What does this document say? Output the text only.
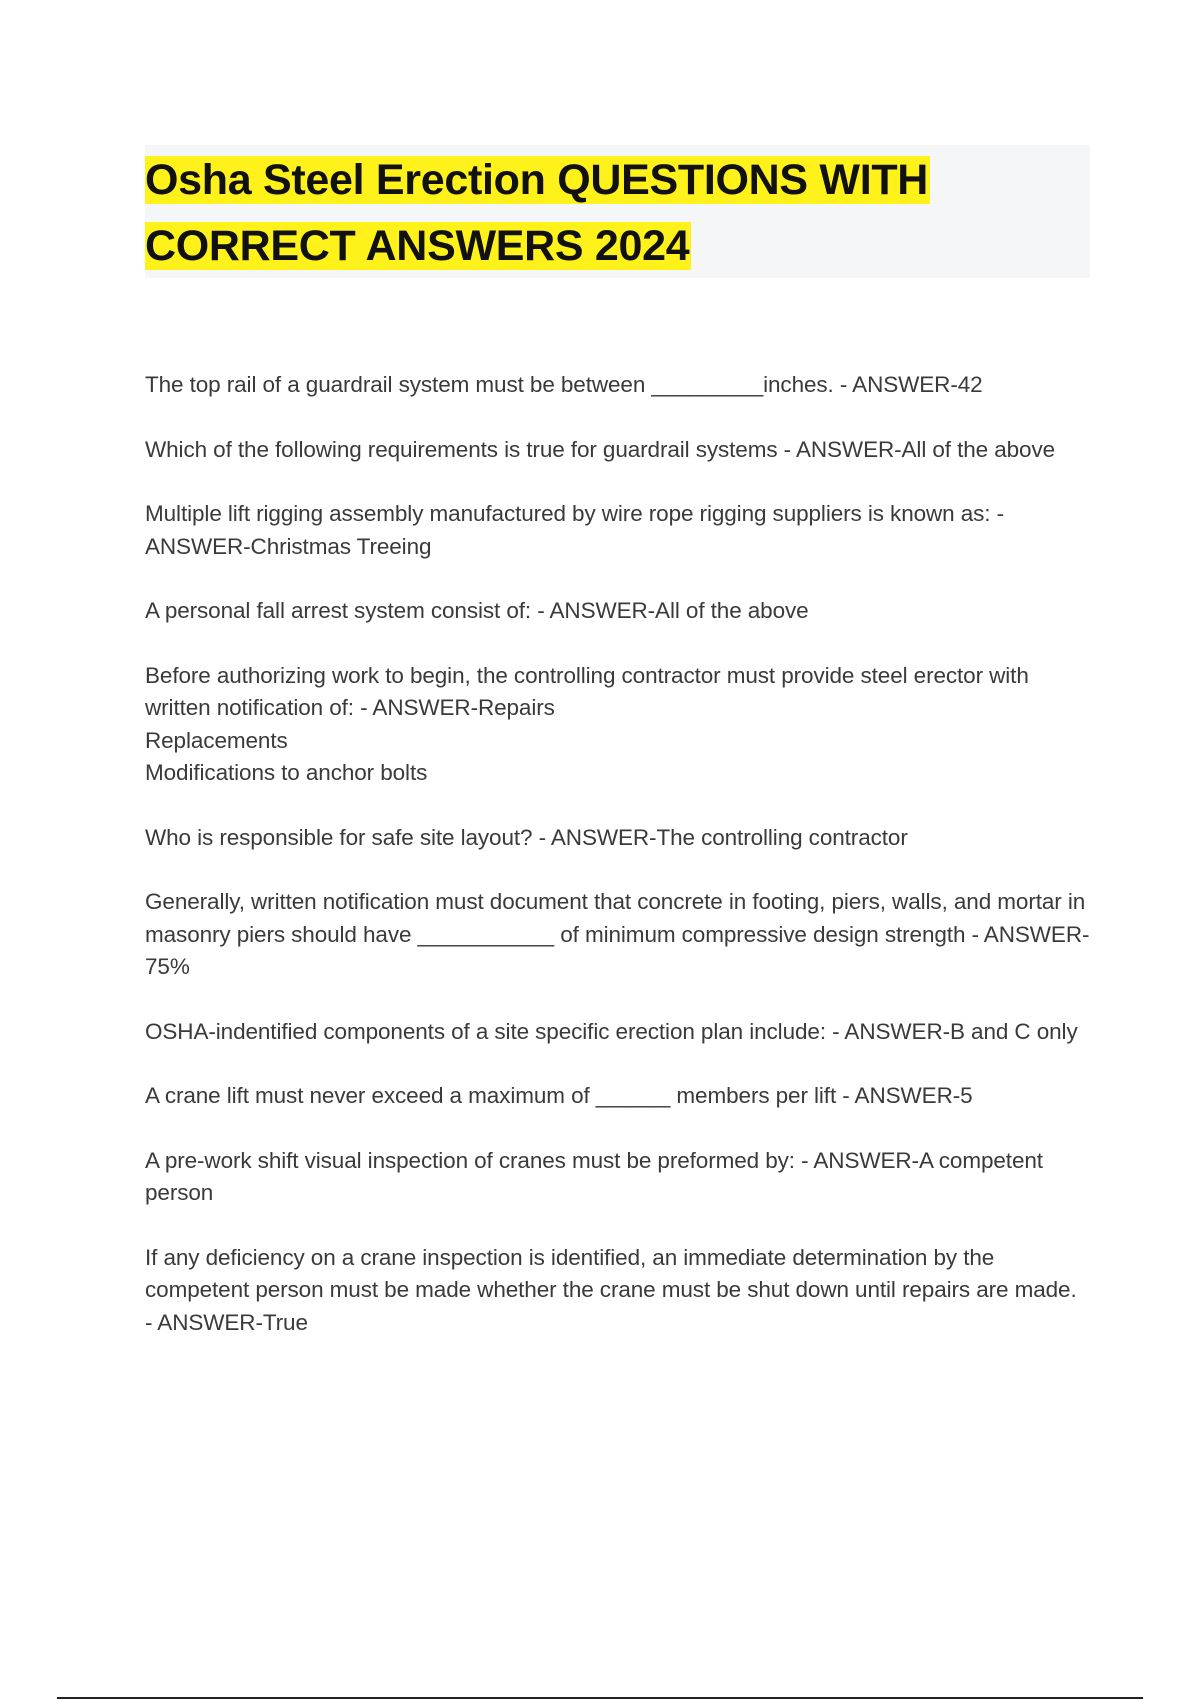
Osha Steel Erection QUESTIONS WITH
CORRECT ANSWERS 2024

The top rail of a guardrail system must be between _________inches. - ANSWER-42

Which of the following requirements is true for guardrail systems - ANSWER-All of the above

Multiple lift rigging assembly manufactured by wire rope rigging suppliers is known as: - ANSWER-Christmas Treeing

A personal fall arrest system consist of: - ANSWER-All of the above

Before authorizing work to begin, the controlling contractor must provide steel erector with written notification of: - ANSWER-Repairs
Replacements
Modifications to anchor bolts

Who is responsible for safe site layout? - ANSWER-The controlling contractor

Generally, written notification must document that concrete in footing, piers, walls, and mortar in masonry piers should have ___________ of minimum compressive design strength - ANSWER-75%

OSHA-indentified components of a site specific erection plan include: - ANSWER-B and C only

A crane lift must never exceed a maximum of ______ members per lift - ANSWER-5

A pre-work shift visual inspection of cranes must be preformed by: - ANSWER-A competent person

If any deficiency on a crane inspection is identified, an immediate determination by the competent person must be made whether the crane must be shut down until repairs are made. - ANSWER-True
